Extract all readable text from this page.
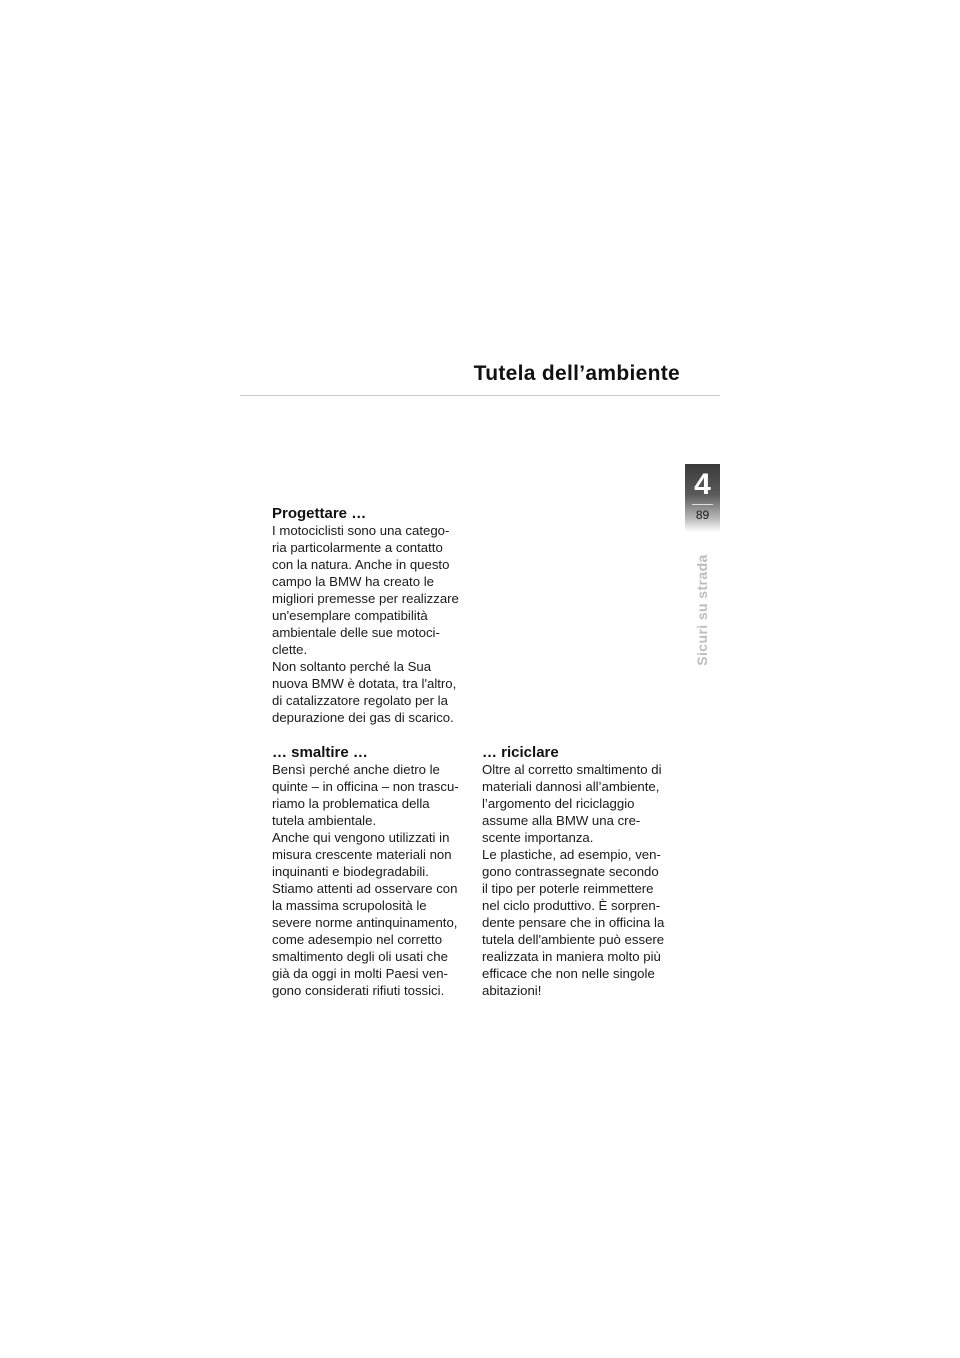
Tutela dell’ambiente
4
89
Sicuri su strada
Progettare …

I motociclisti sono una catego-
ria particolarmente a contatto
con la natura. Anche in questo
campo la BMW ha creato le
migliori premesse per realizzare
un'esemplare compatibilità
ambientale delle sue motoci-
clette.
Non soltanto perché la Sua
nuova BMW è dotata, tra l'altro,
di catalizzatore regolato per la
depurazione dei gas di scarico.

… smaltire …

Bensì perché anche dietro le
quinte – in officina – non trascu-
riamo la problematica della
tutela ambientale.
Anche qui vengono utilizzati in
misura crescente materiali non
inquinanti e biodegradabili.
Stiamo attenti ad osservare con
la massima scrupolosità le
severe norme antinquinamento,
come adesempio nel corretto
smaltimento degli oli usati che
già da oggi in molti Paesi ven-
gono considerati rifiuti tossici.

… riciclare

Oltre al corretto smaltimento di
materiali dannosi all’ambiente,
l’argomento del riciclaggio
assume alla BMW una cre-
scente importanza.
Le plastiche, ad esempio, ven-
gono contrassegnate secondo
il tipo per poterle reimmettere
nel ciclo produttivo. È sorpren-
dente pensare che in officina la
tutela dell'ambiente può essere
realizzata in maniera molto più
efficace che non nelle singole
abitazioni!
